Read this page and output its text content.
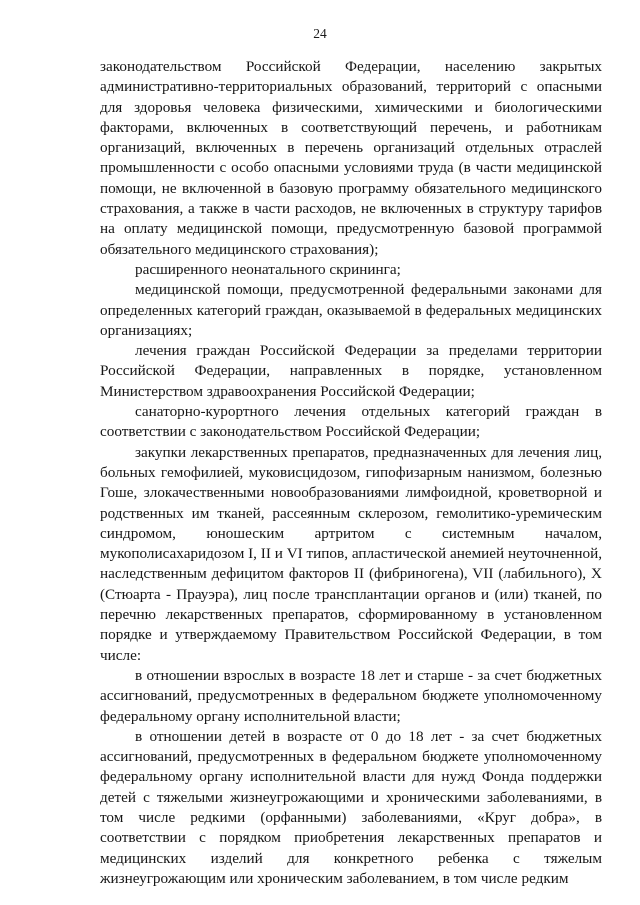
24

законодательством Российской Федерации, населению закрытых административно-территориальных образований, территорий с опасными для здоровья человека физическими, химическими и биологическими факторами, включенных в соответствующий перечень, и работникам организаций, включенных в перечень организаций отдельных отраслей промышленности с особо опасными условиями труда (в части медицинской помощи, не включенной в базовую программу обязательного медицинского страхования, а также в части расходов, не включенных в структуру тарифов на оплату медицинской помощи, предусмотренную базовой программой обязательного медицинского страхования);

расширенного неонатального скрининга;

медицинской помощи, предусмотренной федеральными законами для определенных категорий граждан, оказываемой в федеральных медицинских организациях;

лечения граждан Российской Федерации за пределами территории Российской Федерации, направленных в порядке, установленном Министерством здравоохранения Российской Федерации;

санаторно-курортного лечения отдельных категорий граждан в соответствии с законодательством Российской Федерации;

закупки лекарственных препаратов, предназначенных для лечения лиц, больных гемофилией, муковисцидозом, гипофизарным нанизмом, болезнью Гоше, злокачественными новообразованиями лимфоидной, кроветворной и родственных им тканей, рассеянным склерозом, гемолитико-уремическим синдромом, юношеским артритом с системным началом, мукополисахаридозом I, II и VI типов, апластической анемией неуточненной, наследственным дефицитом факторов II (фибриногена), VII (лабильного), X (Стюарта - Прауэра), лиц после трансплантации органов и (или) тканей, по перечню лекарственных препаратов, сформированному в установленном порядке и утверждаемому Правительством Российской Федерации, в том числе:

в отношении взрослых в возрасте 18 лет и старше - за счет бюджетных ассигнований, предусмотренных в федеральном бюджете уполномоченному федеральному органу исполнительной власти;

в отношении детей в возрасте от 0 до 18 лет - за счет бюджетных ассигнований, предусмотренных в федеральном бюджете уполномоченному федеральному органу исполнительной власти для нужд Фонда поддержки детей с тяжелыми жизнеугрожающими и хроническими заболеваниями, в том числе редкими (орфанными) заболеваниями, «Круг добра», в соответствии с порядком приобретения лекарственных препаратов и медицинских изделий для конкретного ребенка с тяжелым жизнеугрожающим или хроническим заболеванием, в том числе редким
